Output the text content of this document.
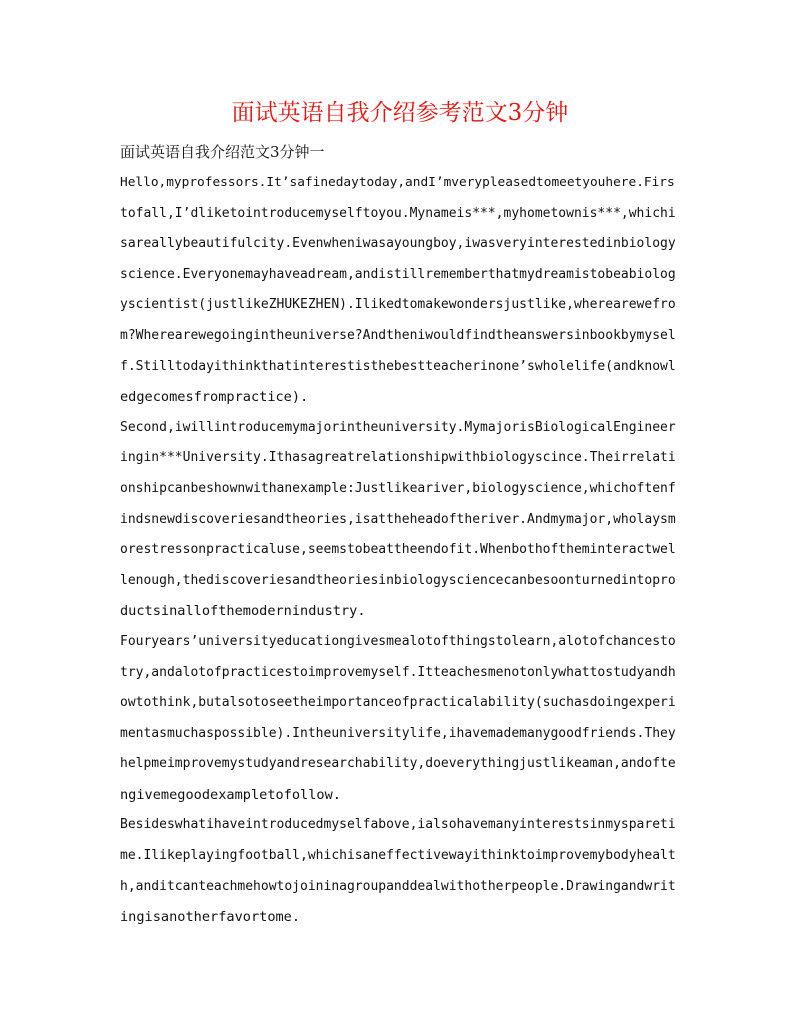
面试英语自我介绍参考范文3分钟
面试英语自我介绍范文3分钟一
Hello,myprofessors.It’safinedaytoday,andI’mverypleasedtomeetyouhere.Firs
tofall,I’dliketointroducemyselftoyou.Mynameis***,myhometownis***,whichi
sareallybeautifulcity.Evenwheniwasayoungboy,iwasveryinterestedinbiology
science.Everyonemayhaveadream,andistillrememberthatmydreamistobeabiolog
yscientist(justlikeZHUKEZHEN).Ilikedtomakewondersjustlike,wherearewefro
m?Wherearewegoingintheuniverse?Andtheniwouldfindtheanswersinbookbymysel
f.Stilltodayithinkthatinterestisthebestteacherinone’swholelife(andknowl
edgecomesfrompractice).
Second,iwillintroducemymajorintheuniversity.MymajorisBiologicalEngineer
ingin***University.Ithasagreatrelationshipwithbiologyscince.Theirrelati
onshipcanbeshownwithanexample:Justlikeariver,biologyscience,whichoftenf
indsnewdiscoveriesandtheories,isattheheadoftheriver.Andmymajor,wholaysm
orestressonpracticaluse,seemstobeattheendofit.Whenbothoftheminteractwel
lenough,thediscoveriesandtheoriesinbiologysciencecanbesoonturnedintopro
ductsinallofthemodernindustry.
Fouryears’universityeducationgivesmealotofthingstolearn,alotofchancesto
try,andalotofpracticestoimprovemyself.Itteachesmenotonlywhattostudyandh
owtothink,butalsotoseetheimportanceofpracticalability(suchasdoingexperi
mentasmuchaspossible).Intheuniversitylife,ihavemademanygoodfriends.They
helpmeimprovemystudyandresearchability,doeverythingjustlikeaman,andofte
ngivemegoodexampletofollow.
Besideswhatihaveintroducedmyselfabove,ialsohavemanyinterestsinmyspareti
me.Ilikeplayingfootball,whichisaneffectivewayithinktoimprovemybodyhealt
h,anditcanteachmehowtojoininagroupanddealwithotherpeople.Drawingandwrit
ingisanotherfavortome.
